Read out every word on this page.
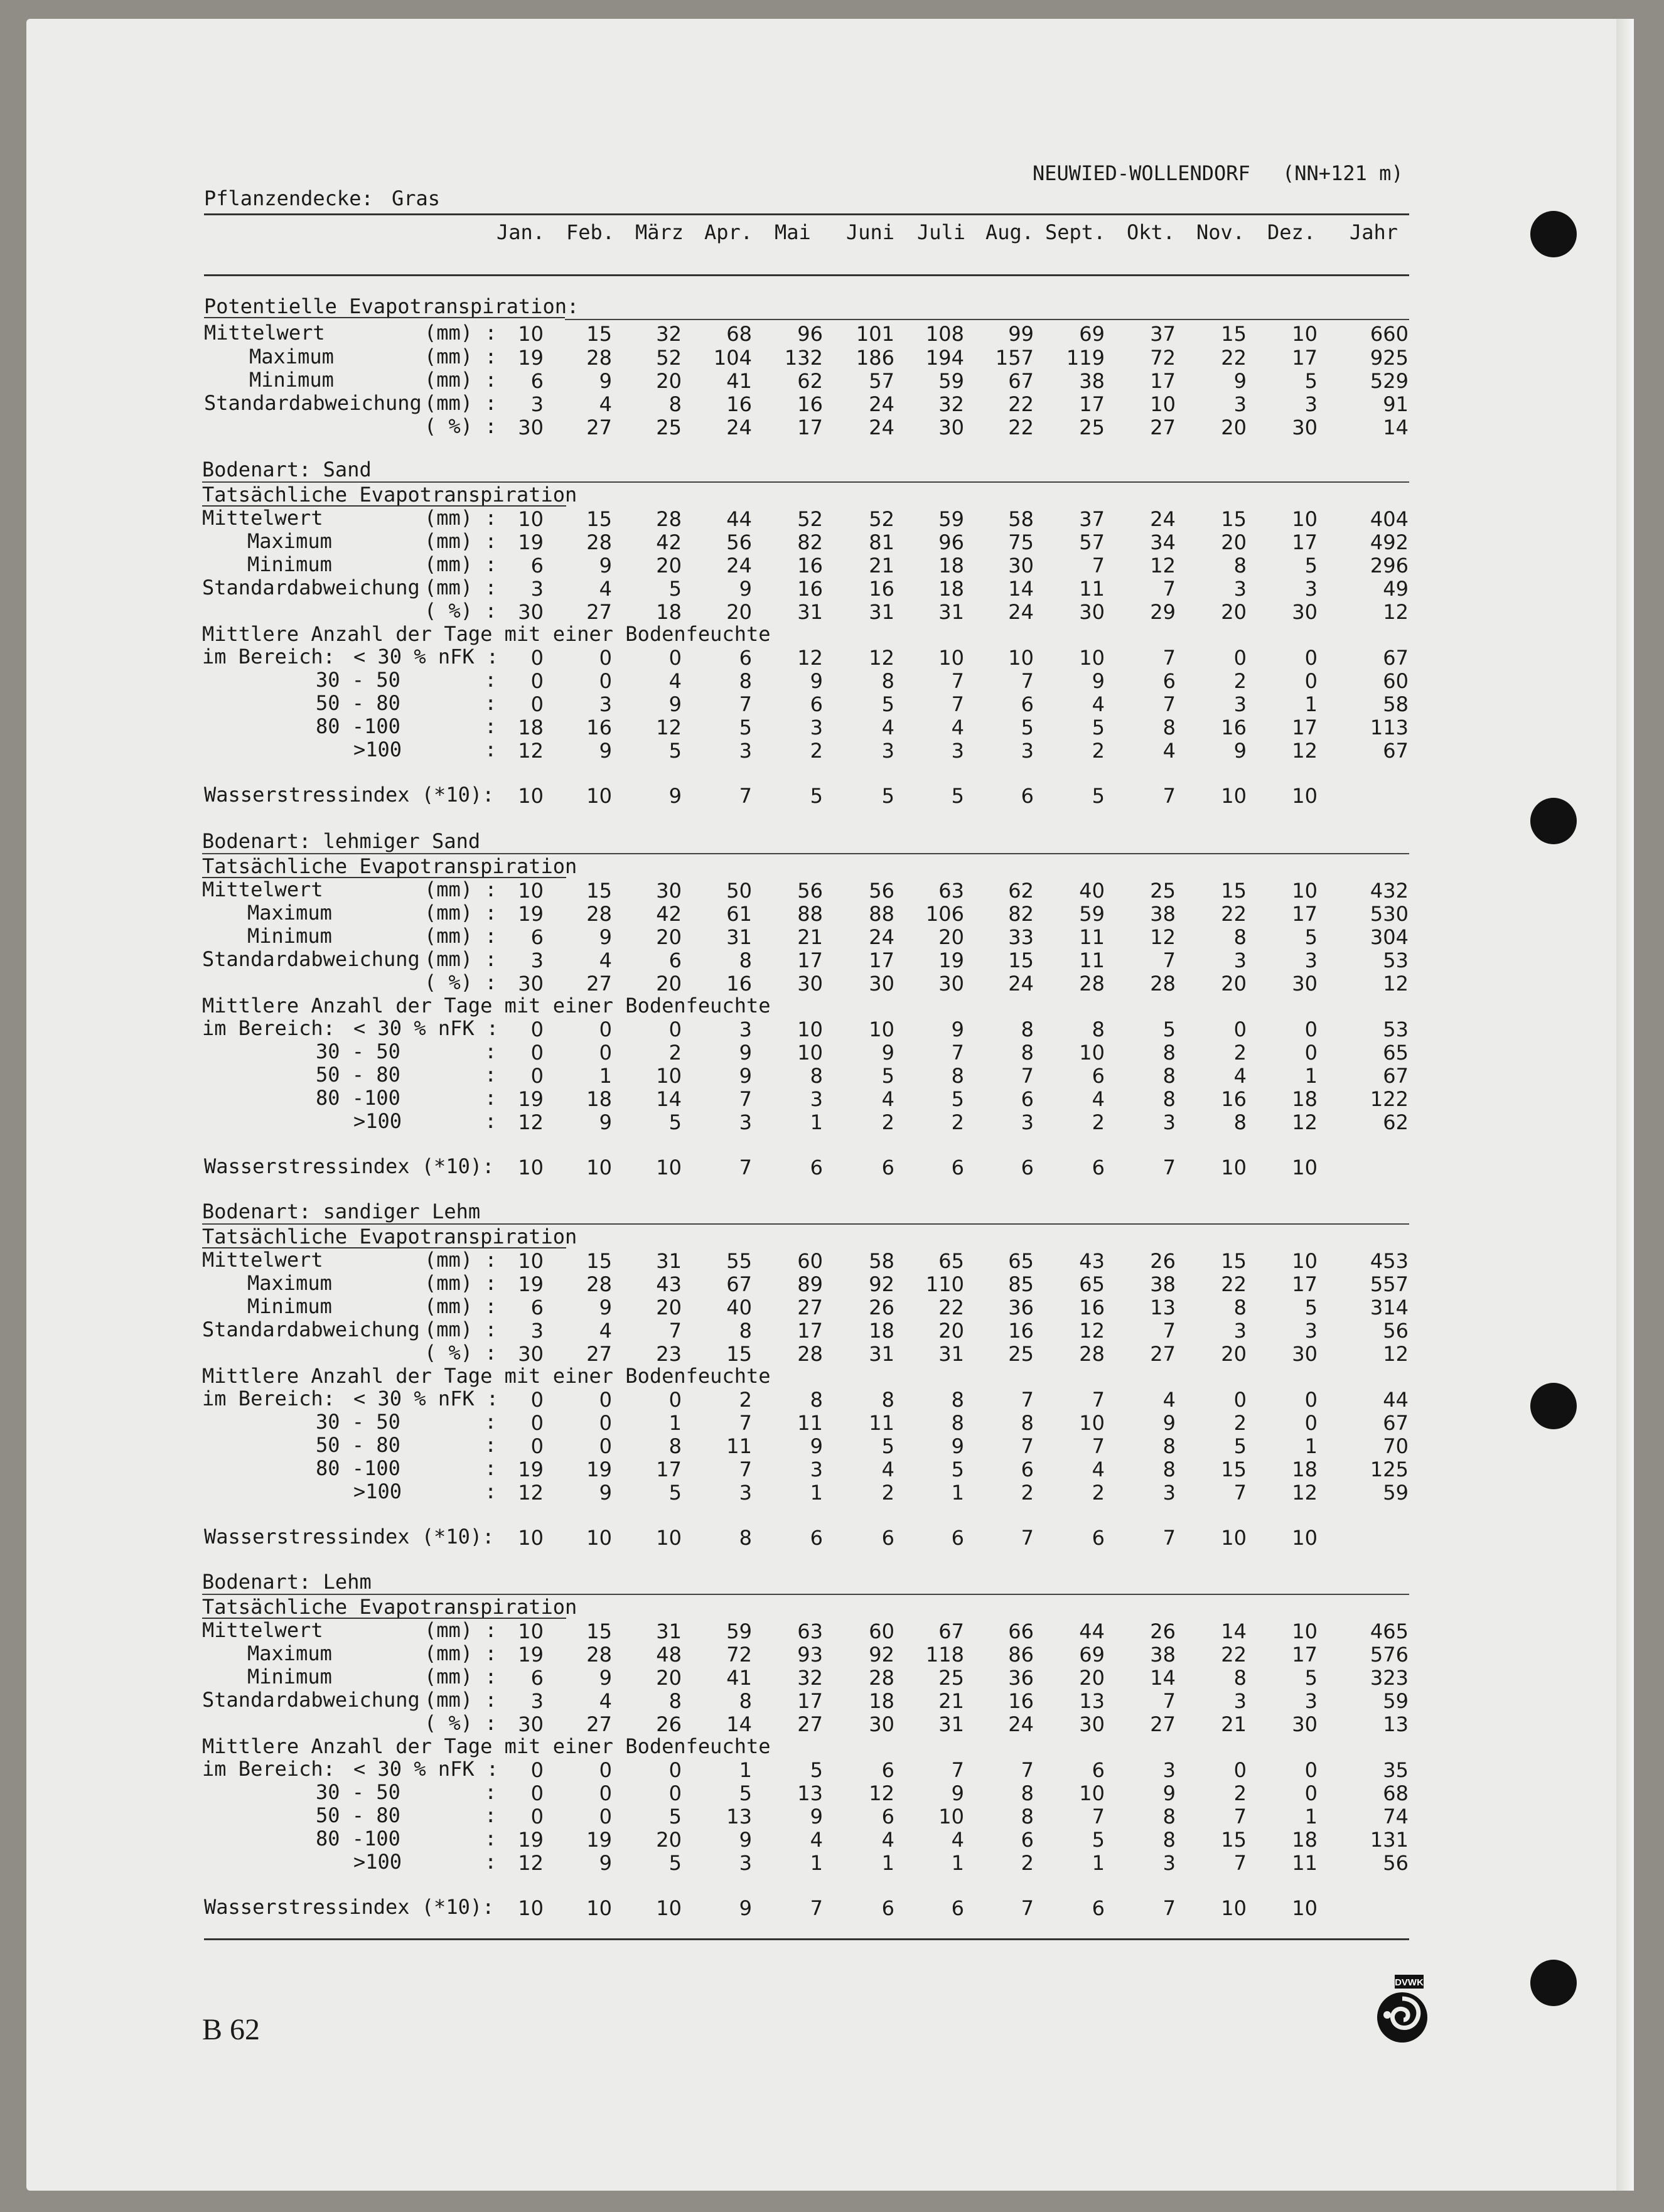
NEUWIED-WOLLENDORF (NN+121 m)
Pflanzendecke: Gras
Jan. Feb. März Apr. Mai Juni Juli Aug. Sept. Okt. Nov. Dez. Jahr
Potentielle Evapotranspiration:
Mittelwert	(mm) :	10	15	32	68	96	101	108	99	69	37	15	10	660
Maximum	(mm) :	19	28	52	104	132	186	194	157	119	72	22	17	925
Minimum	(mm) :	6	9	20	41	62	57	59	67	38	17	9	5	529
Standardabweichung (mm) :	3	4	8	16	16	24	32	22	17	10	3	3	91
( %) :	30	27	25	24	17	24	30	22	25	27	20	30	14
Bodenart: Sand
Tatsächliche Evapotranspiration
Mittelwert	(mm) :	10	15	28	44	52	52	59	58	37	24	15	10	404
Maximum	(mm) :	19	28	42	56	82	81	96	75	57	34	20	17	492
Minimum	(mm) :	6	9	20	24	16	21	18	30	7	12	8	5	296
Standardabweichung (mm) :	3	4	5	9	16	16	18	14	11	7	3	3	49
( %) :	30	27	18	20	31	31	31	24	30	29	20	30	12
Mittlere Anzahl der Tage mit einer Bodenfeuchte
im Bereich: < 30 % nFK :	0	0	0	6	12	12	10	10	10	7	0	0	67
30 - 50	:	0	0	4	8	9	8	7	7	9	6	2	0	60
50 - 80	:	0	3	9	7	6	5	7	6	4	7	3	1	58
80 -100	:	18	16	12	5	3	4	4	5	5	8	16	17	113
>100	:	12	9	5	3	2	3	3	3	2	4	9	12	67
Wasserstressindex (*10):	10	10	9	7	5	5	5	6	5	7	10	10
Bodenart: lehmiger Sand
Tatsächliche Evapotranspiration
Mittelwert	(mm) :	10	15	30	50	56	56	63	62	40	25	15	10	432
Maximum	(mm) :	19	28	42	61	88	88	106	82	59	38	22	17	530
Minimum	(mm) :	6	9	20	31	21	24	20	33	11	12	8	5	304
Standardabweichung (mm) :	3	4	6	8	17	17	19	15	11	7	3	3	53
( %) :	30	27	20	16	30	30	30	24	28	28	20	30	12
Mittlere Anzahl der Tage mit einer Bodenfeuchte
im Bereich: < 30 % nFK :	0	0	0	3	10	10	9	8	8	5	0	0	53
30 - 50	:	0	0	2	9	10	9	7	8	10	8	2	0	65
50 - 80	:	0	1	10	9	8	5	8	7	6	8	4	1	67
80 -100	:	19	18	14	7	3	4	5	6	4	8	16	18	122
>100	:	12	9	5	3	1	2	2	3	2	3	8	12	62
Wasserstressindex (*10):	10	10	10	7	6	6	6	6	6	7	10	10
Bodenart: sandiger Lehm
Tatsächliche Evapotranspiration
Mittelwert	(mm) :	10	15	31	55	60	58	65	65	43	26	15	10	453
Maximum	(mm) :	19	28	43	67	89	92	110	85	65	38	22	17	557
Minimum	(mm) :	6	9	20	40	27	26	22	36	16	13	8	5	314
Standardabweichung (mm) :	3	4	7	8	17	18	20	16	12	7	3	3	56
( %) :	30	27	23	15	28	31	31	25	28	27	20	30	12
Mittlere Anzahl der Tage mit einer Bodenfeuchte
im Bereich: < 30 % nFK :	0	0	0	2	8	8	8	7	7	4	0	0	44
30 - 50	:	0	0	1	7	11	11	8	8	10	9	2	0	67
50 - 80	:	0	0	8	11	9	5	9	7	7	8	5	1	70
80 -100	:	19	19	17	7	3	4	5	6	4	8	15	18	125
>100	:	12	9	5	3	1	2	1	2	2	3	7	12	59
Wasserstressindex (*10):	10	10	10	8	6	6	6	7	6	7	10	10
Bodenart: Lehm
Tatsächliche Evapotranspiration
Mittelwert	(mm) :	10	15	31	59	63	60	67	66	44	26	14	10	465
Maximum	(mm) :	19	28	48	72	93	92	118	86	69	38	22	17	576
Minimum	(mm) :	6	9	20	41	32	28	25	36	20	14	8	5	323
Standardabweichung (mm) :	3	4	8	8	17	18	21	16	13	7	3	3	59
( %) :	30	27	26	14	27	30	31	24	30	27	21	30	13
Mittlere Anzahl der Tage mit einer Bodenfeuchte
im Bereich: < 30 % nFK :	0	0	0	1	5	6	7	7	6	3	0	0	35
30 - 50	:	0	0	0	5	13	12	9	8	10	9	2	0	68
50 - 80	:	0	0	5	13	9	6	10	8	7	8	7	1	74
80 -100	:	19	19	20	9	4	4	4	6	5	8	15	18	131
>100	:	12	9	5	3	1	1	1	2	1	3	7	11	56
Wasserstressindex (*10):	10	10	10	9	7	6	6	7	6	7	10	10
B 62
DVWK
